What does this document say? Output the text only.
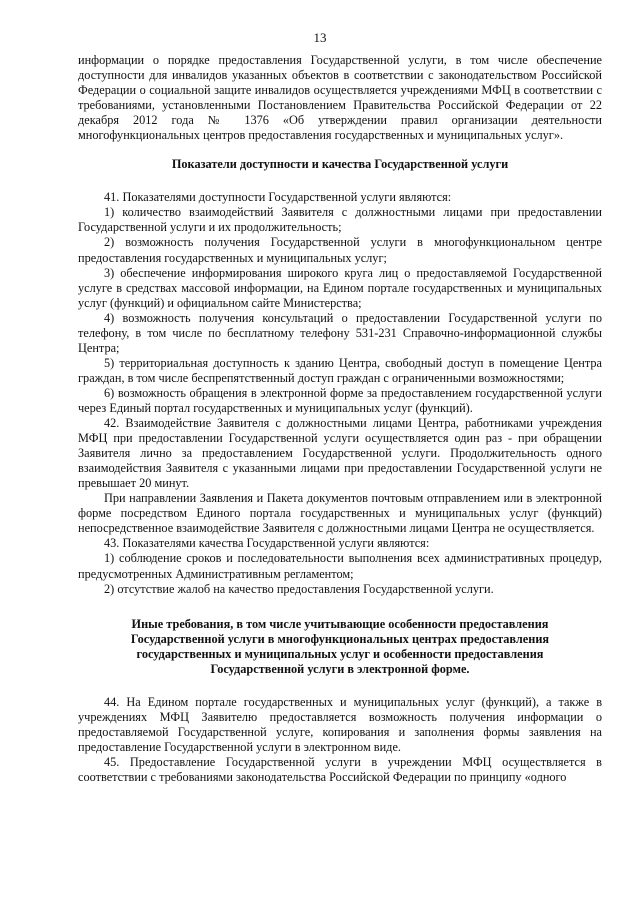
13

информации о порядке предоставления Государственной услуги, в том числе обеспечение доступности для инвалидов указанных объектов в соответствии с законодательством Российской Федерации о социальной защите инвалидов осуществляется учреждениями МФЦ в соответствии с требованиями, установленными Постановлением Правительства Российской Федерации от 22 декабря 2012 года № 1376 «Об утверждении правил организации деятельности многофункциональных центров предоставления государственных и муниципальных услуг».

Показатели доступности и качества Государственной услуги

41. Показателями доступности Государственной услуги являются:

1) количество взаимодействий Заявителя с должностными лицами при предоставлении Государственной услуги и их продолжительность;

2) возможность получения Государственной услуги в многофункциональном центре предоставления государственных и муниципальных услуг;

3) обеспечение информирования широкого круга лиц о предоставляемой Государственной услуге в средствах массовой информации, на Едином портале государственных и муниципальных услуг (функций) и официальном сайте Министерства;

4) возможность получения консультаций о предоставлении Государственной услуги по телефону, в том числе по бесплатному телефону 531-231 Справочно-информационной службы Центра;

5) территориальная доступность к зданию Центра, свободный доступ в помещение Центра граждан, в том числе беспрепятственный доступ граждан с ограниченными возможностями;

6) возможность обращения в электронной форме за предоставлением государственной услуги через Единый портал государственных и муниципальных услуг (функций).

42. Взаимодействие Заявителя с должностными лицами Центра, работниками учреждения МФЦ при предоставлении Государственной услуги осуществляется один раз - при обращении Заявителя лично за предоставлением Государственной услуги. Продолжительность одного взаимодействия Заявителя с указанными лицами при предоставлении Государственной услуги не превышает 20 минут.

При направлении Заявления и Пакета документов почтовым отправлением или в электронной форме посредством Единого портала государственных и муниципальных услуг (функций) непосредственное взаимодействие Заявителя с должностными лицами Центра не осуществляется.

43. Показателями качества Государственной услуги являются:

1) соблюдение сроков и последовательности выполнения всех административных процедур, предусмотренных Административным регламентом;

2) отсутствие жалоб на качество предоставления Государственной услуги.

Иные требования, в том числе учитывающие особенности предоставления

Государственной услуги в многофункциональных центрах предоставления

государственных и муниципальных услуг и особенности предоставления

Государственной услуги в электронной форме.

44. На Едином портале государственных и муниципальных услуг (функций), а также в учреждениях МФЦ Заявителю предоставляется возможность получения информации о предоставляемой Государственной услуге, копирования и заполнения формы заявления на предоставление Государственной услуги в электронном виде.

45. Предоставление Государственной услуги в учреждении МФЦ осуществляется в соответствии с требованиями законодательства Российской Федерации по принципу «одного
